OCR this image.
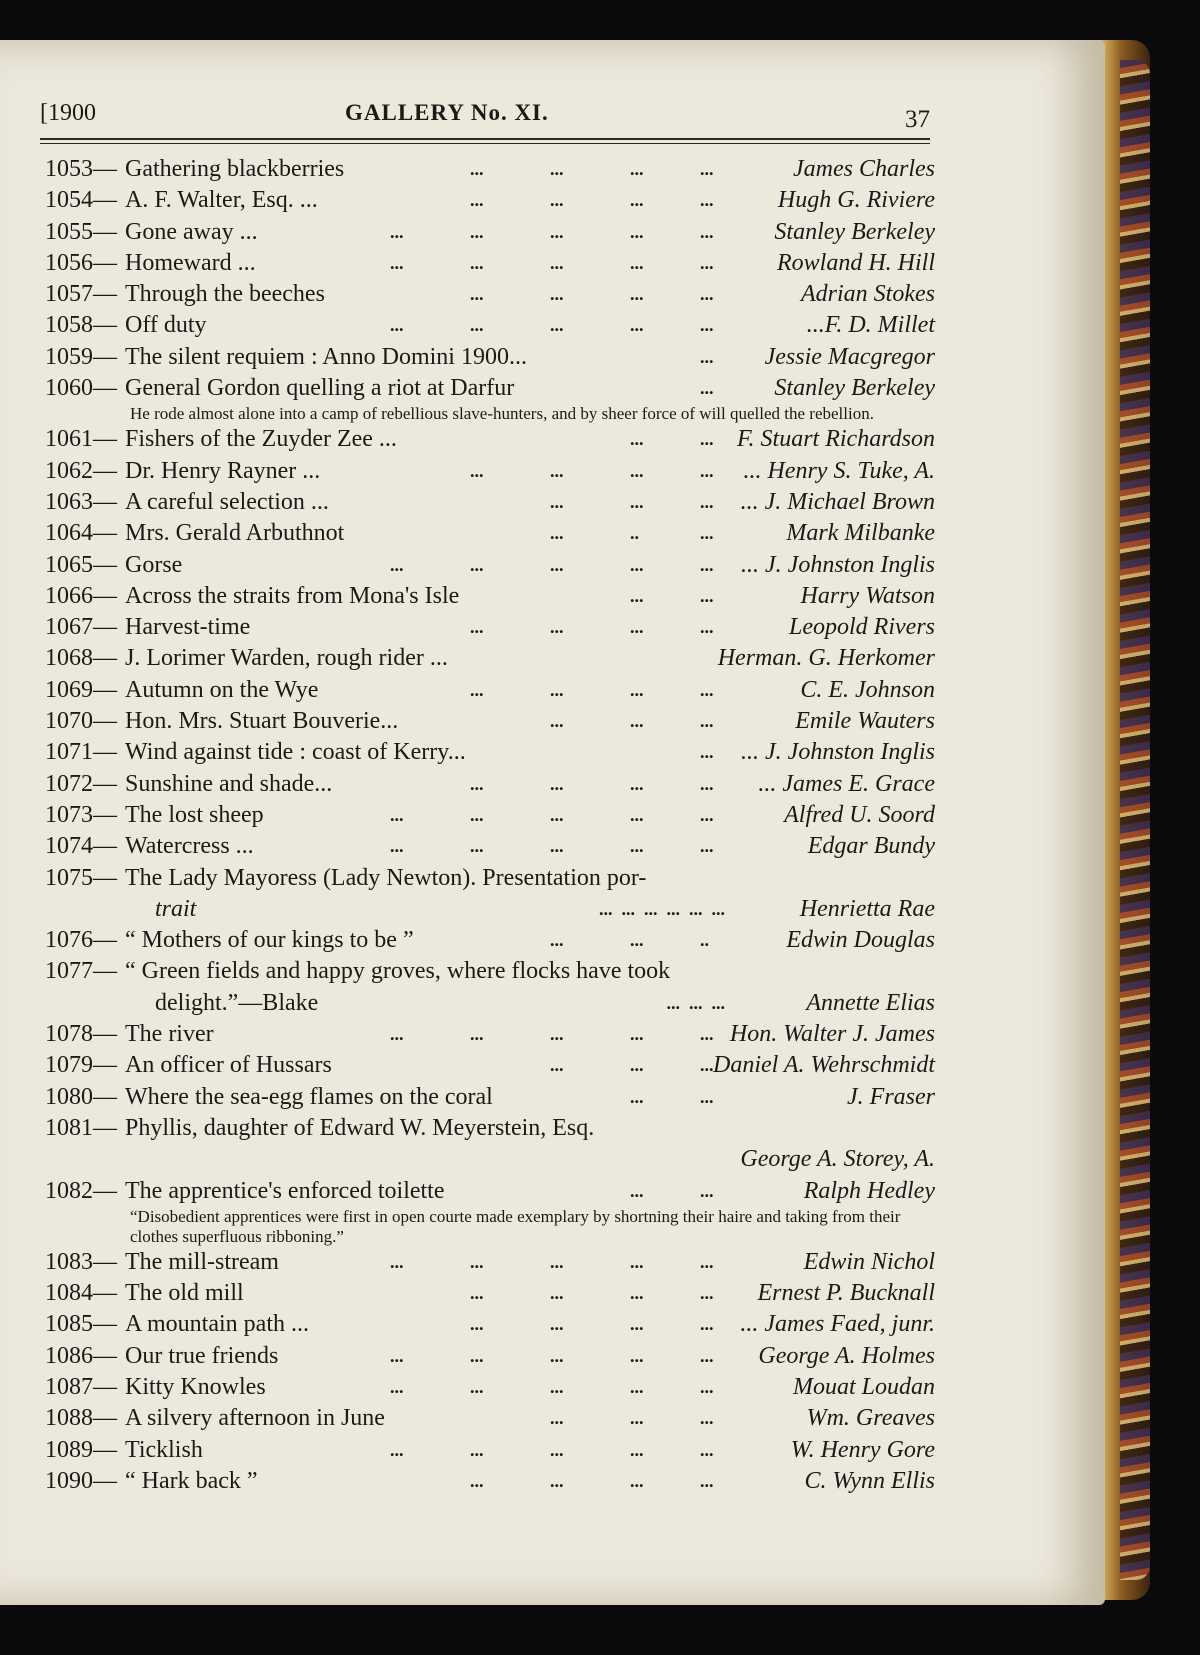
[1900	GALLERY No. XI.	37
1053— Gathering blackberries	...	...	...	...	James Charles
1054— A. F. Walter, Esq. ...	...	...	...	...	Hugh G. Riviere
1055— Gone away ...	...	...	...	...	...	Stanley Berkeley
1056— Homeward ...	...	...	...	...	...	Rowland H. Hill
1057— Through the beeches	...	...	...	...	Adrian Stokes
1058— Off duty	...	...	...	...	...	...F. D. Millet
1059— The silent requiem : Anno Domini 1900...	... Jessie Macgregor
1060— General Gordon quelling a riot at Darfur	...	Stanley Berkeley
He rode almost alone into a camp of rebellious slave-hunters, and by sheer force of will quelled the rebellion.
1061— Fishers of the Zuyder Zee ...	...	... F. Stuart Richardson
1062— Dr. Henry Rayner ...	...	...	...	... ... Henry S. Tuke, A.
1063— A careful selection ...	...	...	... ... J. Michael Brown
1064— Mrs. Gerald Arbuthnot	...	..	...	Mark Milbanke
1065— Gorse	...	...	...	...	... ... J. Johnston Inglis
1066— Across the straits from Mona's Isle	...	...	Harry Watson
1067— Harvest-time	...	...	...	...	Leopold Rivers
1068— J. Lorimer Warden, rough rider ...	Herman. G. Herkomer
1069— Autumn on the Wye	...	...	...	...	C. E. Johnson
1070— Hon. Mrs. Stuart Bouverie...	...	...	...	Emile Wauters
1071— Wind against tide : coast of Kerry...	... ... J. Johnston Inglis
1072— Sunshine and shade...	...	...	...	... ... James E. Grace
1073— The lost sheep	...	...	...	...	...	Alfred U. Soord
1074— Watercress ...	...	...	...	...	...	Edgar Bundy
1075— The Lady Mayoress (Lady Newton). Presentation por-
trait	...  ...  ...  ...  ...  ...	Henrietta Rae
1076— “ Mothers of our kings to be ”	...	...	..	Edwin Douglas
1077— “ Green fields and happy groves, where flocks have took
delight.”—Blake	...  ...  ...	Annette Elias
1078— The river	...	...	...	...	... Hon. Walter J. James
1079— An officer of Hussars	...	...	... Daniel A. Wehrschmidt
1080— Where the sea-egg flames on the coral	...	...	J. Fraser
1081— Phyllis, daughter of Edward W. Meyerstein, Esq.
George A. Storey, A.
1082— The apprentice's enforced toilette	...	...	Ralph Hedley
“Disobedient apprentices were first in open courte made exemplary by shortning their haire and taking from their clothes superfluous ribboning.”
1083— The mill-stream	...	...	...	...	...	Edwin Nichol
1084— The old mill	...	...	...	... Ernest P. Bucknall
1085— A mountain path ...	...	...	...	... ... James Faed, junr.
1086— Our true friends	...	...	...	...	... George A. Holmes
1087— Kitty Knowles	...	...	...	...	...	Mouat Loudan
1088— A silvery afternoon in June	...	...	...	Wm. Greaves
1089— Ticklish	...	...	...	...	...	W. Henry Gore
1090— “ Hark back ”	...	...	...	...	C. Wynn Ellis
